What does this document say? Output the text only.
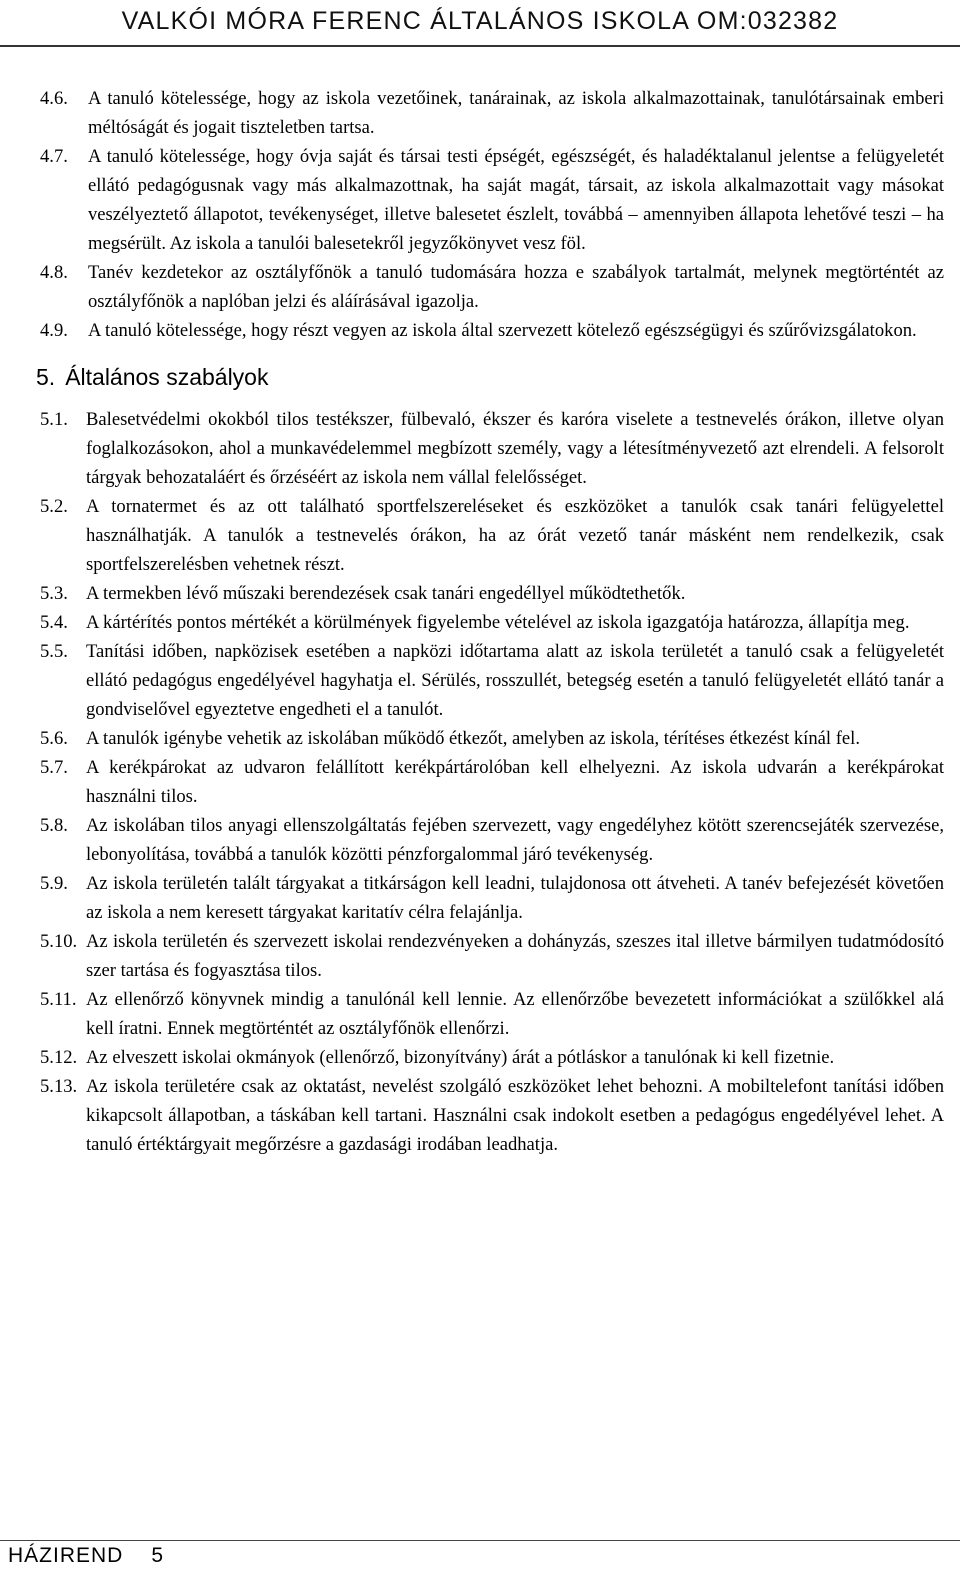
VALKÓI MÓRA FERENC ÁLTALÁNOS ISKOLA OM:032382
4.6.	A tanuló kötelessége, hogy az iskola vezetőinek, tanárainak, az iskola alkalmazottainak, tanulótársainak emberi méltóságát és jogait tiszteletben tartsa.
4.7.	A tanuló kötelessége, hogy óvja saját és társai testi épségét, egészségét, és haladéktalanul jelentse a felügyeletét ellátó pedagógusnak vagy más alkalmazottnak, ha saját magát, társait, az iskola alkalmazottait vagy másokat veszélyeztető állapotot, tevékenységet, illetve balesetet észlelt, továbbá – amennyiben állapota lehetővé teszi – ha megsérült. Az iskola a tanulói balesetekről jegyzőkönyvet vesz föl.
4.8.	Tanév kezdetekor az osztályfőnök a tanuló tudomására hozza e szabályok tartalmát, melynek megtörténtét az osztályfőnök a naplóban jelzi és aláírásával igazolja.
4.9.	A tanuló kötelessége, hogy részt vegyen az iskola által szervezett kötelező egészségügyi és szűrővizsgálatokon.
5. Általános szabályok
5.1. Balesetvédelmi okokból tilos testékszer, fülbevaló, ékszer és karóra viselete a testnevelés órákon, illetve olyan foglalkozásokon, ahol a munkavédelemmel megbízott személy, vagy a létesítményvezető azt elrendeli. A felsorolt tárgyak behozataláért és őrzéséért az iskola nem vállal felelősséget.
5.2. A tornatermet és az ott található sportfelszereléseket és eszközöket a tanulók csak tanári felügyelettel használhatják. A tanulók a testnevelés órákon, ha az órát vezető tanár másként nem rendelkezik, csak sportfelszerelésben vehetnek részt.
5.3. A termekben lévő műszaki berendezések csak tanári engedéllyel működtethetők.
5.4. A kártérítés pontos mértékét a körülmények figyelembe vételével az iskola igazgatója határozza, állapítja meg.
5.5. Tanítási időben, napközisek esetében a napközi időtartama alatt az iskola területét a tanuló csak a felügyeletét ellátó pedagógus engedélyével hagyhatja el. Sérülés, rosszullét, betegség esetén a tanuló felügyeletét ellátó tanár a gondviselővel egyeztetve engedheti el a tanulót.
5.6. A tanulók igénybe vehetik az iskolában működő étkezőt, amelyben az iskola, térítéses étkezést kínál fel.
5.7. A kerékpárokat az udvaron felállított kerékpártárolóban kell elhelyezni. Az iskola udvarán a kerékpárokat használni tilos.
5.8. Az iskolában tilos anyagi ellenszolgáltatás fejében szervezett, vagy engedélyhez kötött szerencsejáték szervezése, lebonyolítása, továbbá a tanulók közötti pénzforgalommal járó tevékenység.
5.9. Az iskola területén talált tárgyakat a titkárságon kell leadni, tulajdonosa ott átveheti. A tanév befejezését követően az iskola a nem keresett tárgyakat karitatív célra felajánlja.
5.10. Az iskola területén és szervezett iskolai rendezvényeken a dohányzás, szeszes ital illetve bármilyen tudatmódosító szer tartása és fogyasztása tilos.
5.11. Az ellenőrző könyvnek mindig a tanulónál kell lennie. Az ellenőrzőbe bevezetett információkat a szülőkkel alá kell íratni. Ennek megtörténtét az osztályfőnök ellenőrzi.
5.12. Az elveszett iskolai okmányok (ellenőrző, bizonyítvány) árát a pótláskor a tanulónak ki kell fizetnie.
5.13. Az iskola területére csak az oktatást, nevelést szolgáló eszközöket lehet behozni. A mobiltelefont tanítási időben kikapcsolt állapotban, a táskában kell tartani. Használni csak indokolt esetben a pedagógus engedélyével lehet. A tanuló értéktárgyait megőrzésre a gazdasági irodában leadhatja.
HÁZIREND 5
